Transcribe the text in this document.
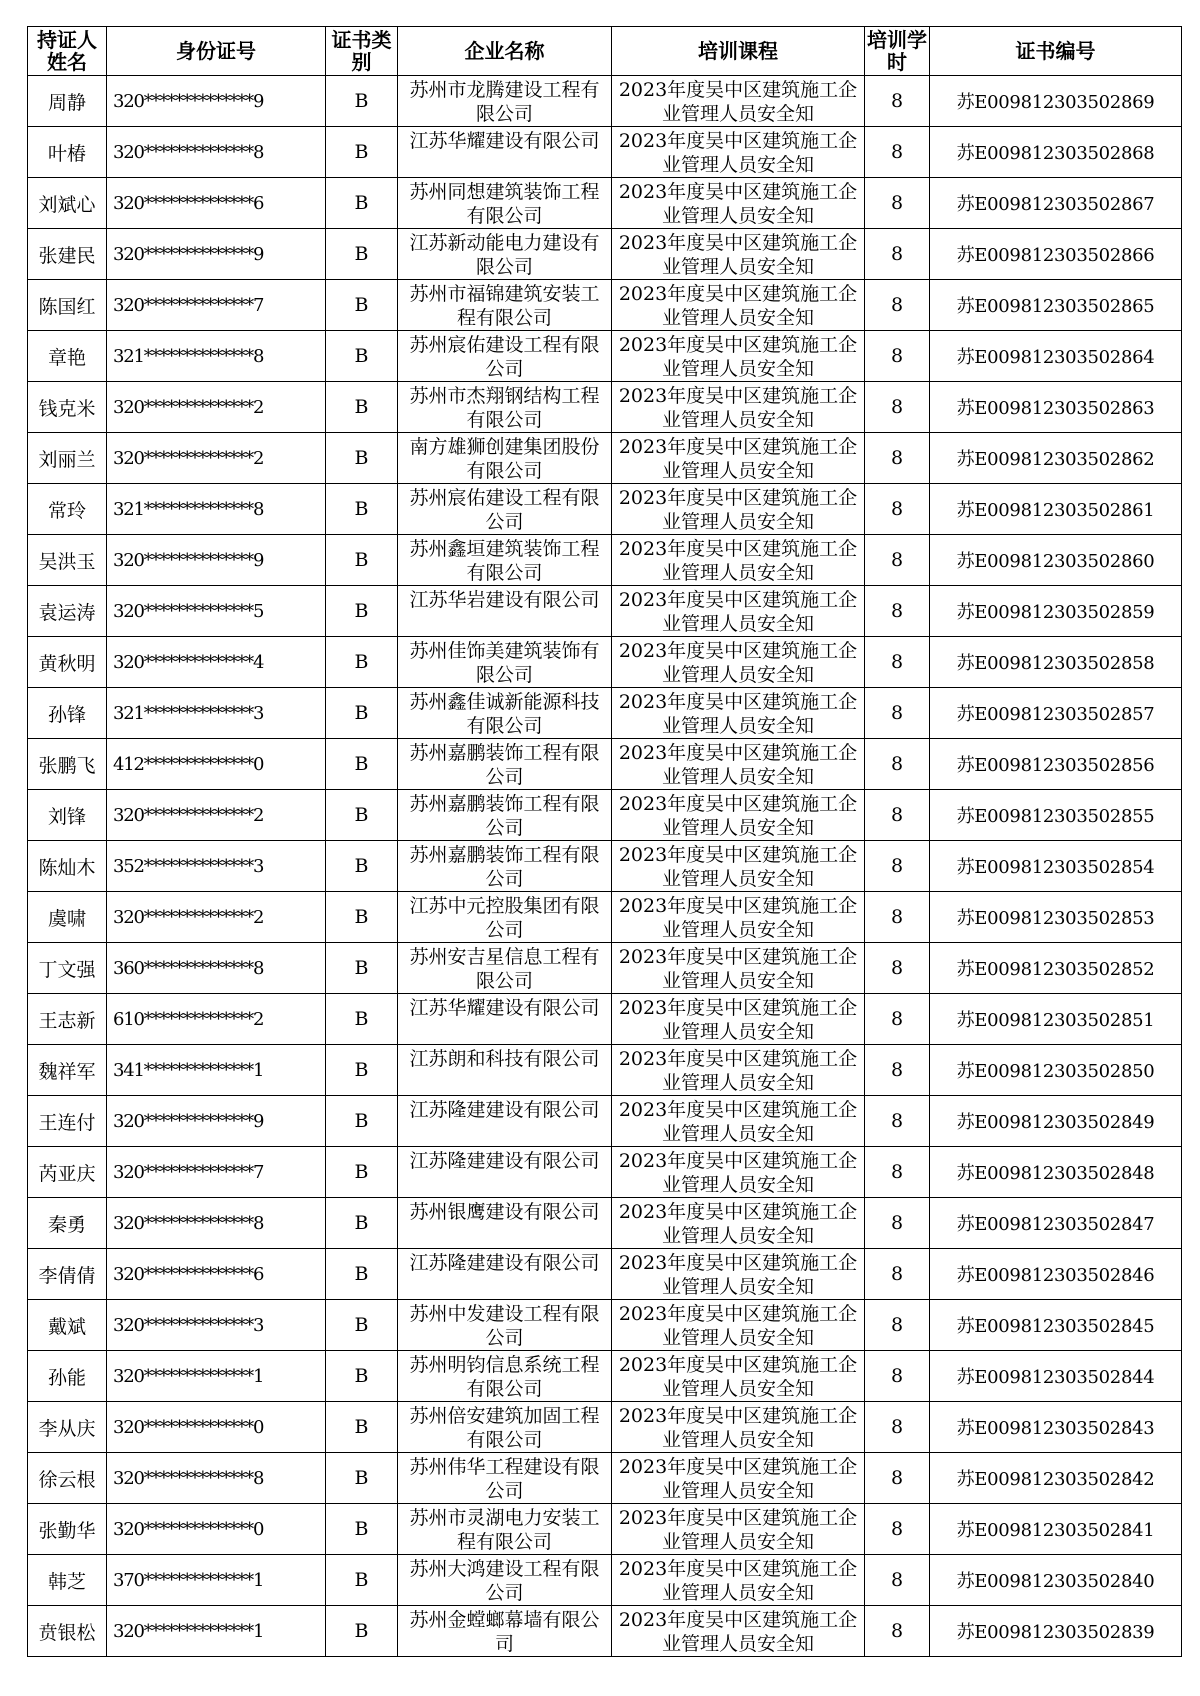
持证人姓名	身份证号	证书类别	企业名称	培训课程	培训学时	证书编号

周静	320**************9	B	苏州市龙腾建设工程有限公司	2023年度吴中区建筑施工企业管理人员安全知	8	苏E009812303502869

叶椿	320**************8	B	江苏华耀建设有限公司	2023年度吴中区建筑施工企业管理人员安全知	8	苏E009812303502868

刘斌心	320**************6	B	苏州同想建筑装饰工程有限公司	2023年度吴中区建筑施工企业管理人员安全知	8	苏E009812303502867

张建民	320**************9	B	江苏新动能电力建设有限公司	2023年度吴中区建筑施工企业管理人员安全知	8	苏E009812303502866

陈国红	320**************7	B	苏州市福锦建筑安装工程有限公司	2023年度吴中区建筑施工企业管理人员安全知	8	苏E009812303502865

章艳	321**************8	B	苏州宸佑建设工程有限公司	2023年度吴中区建筑施工企业管理人员安全知	8	苏E009812303502864

钱克米	320**************2	B	苏州市杰翔钢结构工程有限公司	2023年度吴中区建筑施工企业管理人员安全知	8	苏E009812303502863

刘丽兰	320**************2	B	南方雄狮创建集团股份有限公司	2023年度吴中区建筑施工企业管理人员安全知	8	苏E009812303502862

常玲	321**************8	B	苏州宸佑建设工程有限公司	2023年度吴中区建筑施工企业管理人员安全知	8	苏E009812303502861

吴洪玉	320**************9	B	苏州鑫垣建筑装饰工程有限公司	2023年度吴中区建筑施工企业管理人员安全知	8	苏E009812303502860

袁运涛	320**************5	B	江苏华岩建设有限公司	2023年度吴中区建筑施工企业管理人员安全知	8	苏E009812303502859

黄秋明	320**************4	B	苏州佳饰美建筑装饰有限公司	2023年度吴中区建筑施工企业管理人员安全知	8	苏E009812303502858

孙锋	321**************3	B	苏州鑫佳诚新能源科技有限公司	2023年度吴中区建筑施工企业管理人员安全知	8	苏E009812303502857

张鹏飞	412**************0	B	苏州嘉鹏装饰工程有限公司	2023年度吴中区建筑施工企业管理人员安全知	8	苏E009812303502856

刘锋	320**************2	B	苏州嘉鹏装饰工程有限公司	2023年度吴中区建筑施工企业管理人员安全知	8	苏E009812303502855

陈灿木	352**************3	B	苏州嘉鹏装饰工程有限公司	2023年度吴中区建筑施工企业管理人员安全知	8	苏E009812303502854

虞啸	320**************2	B	江苏中元控股集团有限公司	2023年度吴中区建筑施工企业管理人员安全知	8	苏E009812303502853

丁文强	360**************8	B	苏州安吉星信息工程有限公司	2023年度吴中区建筑施工企业管理人员安全知	8	苏E009812303502852

王志新	610**************2	B	江苏华耀建设有限公司	2023年度吴中区建筑施工企业管理人员安全知	8	苏E009812303502851

魏祥军	341**************1	B	江苏朗和科技有限公司	2023年度吴中区建筑施工企业管理人员安全知	8	苏E009812303502850

王连付	320**************9	B	江苏隆建建设有限公司	2023年度吴中区建筑施工企业管理人员安全知	8	苏E009812303502849

芮亚庆	320**************7	B	江苏隆建建设有限公司	2023年度吴中区建筑施工企业管理人员安全知	8	苏E009812303502848

秦勇	320**************8	B	苏州银鹰建设有限公司	2023年度吴中区建筑施工企业管理人员安全知	8	苏E009812303502847

李倩倩	320**************6	B	江苏隆建建设有限公司	2023年度吴中区建筑施工企业管理人员安全知	8	苏E009812303502846

戴斌	320**************3	B	苏州中发建设工程有限公司	2023年度吴中区建筑施工企业管理人员安全知	8	苏E009812303502845

孙能	320**************1	B	苏州明钧信息系统工程有限公司	2023年度吴中区建筑施工企业管理人员安全知	8	苏E009812303502844

李从庆	320**************0	B	苏州倍安建筑加固工程有限公司	2023年度吴中区建筑施工企业管理人员安全知	8	苏E009812303502843

徐云根	320**************8	B	苏州伟华工程建设有限公司	2023年度吴中区建筑施工企业管理人员安全知	8	苏E009812303502842

张勤华	320**************0	B	苏州市灵湖电力安装工程有限公司	2023年度吴中区建筑施工企业管理人员安全知	8	苏E009812303502841

韩芝	370**************1	B	苏州大鸿建设工程有限公司	2023年度吴中区建筑施工企业管理人员安全知	8	苏E009812303502840

贲银松	320**************1	B	苏州金螳螂幕墙有限公司	2023年度吴中区建筑施工企业管理人员安全知	8	苏E009812303502839
